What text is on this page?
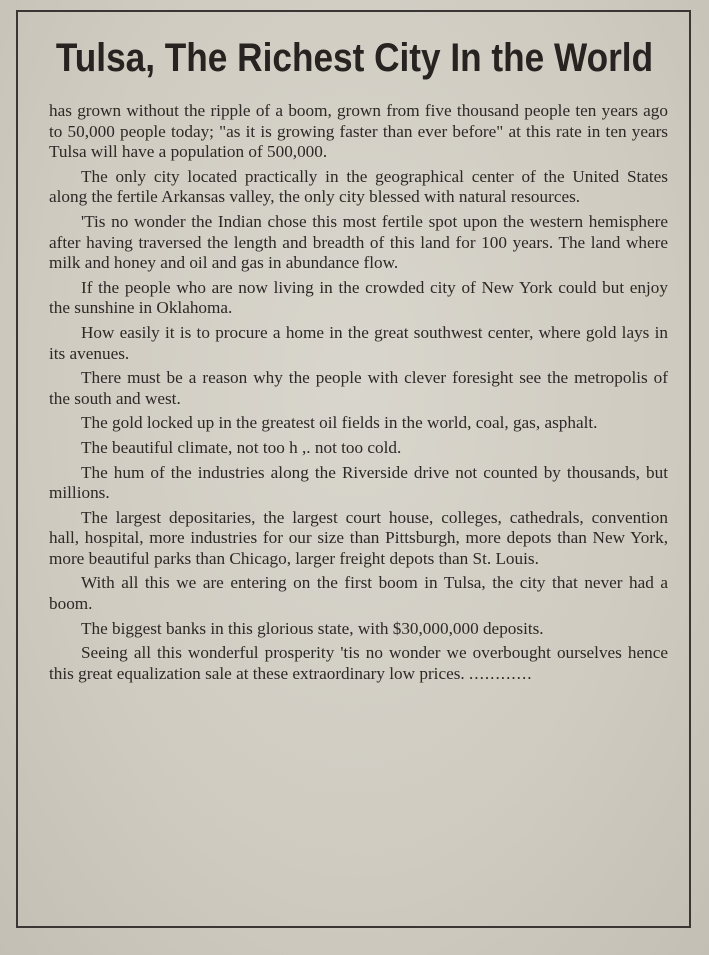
Tulsa, The Richest City In the World

has grown without the ripple of a boom, grown from five thousand people ten years ago to 50,000 people today; "as it is growing faster than ever before" at this rate in ten years Tulsa will have a population of 500,000.

The only city located practically in the geographical center of the United States along the fertile Arkansas valley, the only city blessed with natural resources.

'Tis no wonder the Indian chose this most fertile spot upon the western hemisphere after having traversed the length and breadth of this land for 100 years. The land where milk and honey and oil and gas in abundance flow.

If the people who are now living in the crowded city of New York could but enjoy the sunshine in Oklahoma.

How easily it is to procure a home in the great southwest center, where gold lays in its avenues.

There must be a reason why the people with clever foresight see the metropolis of the south and west.

The gold locked up in the greatest oil fields in the world, coal, gas, asphalt.

The beautiful climate, not too h ,. not too cold.

The hum of the industries along the Riverside drive not counted by thousands, but millions.

The largest depositaries, the largest court house, colleges, cathedrals, convention hall, hospital, more industries for our size than Pittsburgh, more depots than New York, more beautiful parks than Chicago, larger freight depots than St. Louis.

With all this we are entering on the first boom in Tulsa, the city that never had a boom.

The biggest banks in this glorious state, with $30,000,000 deposits.

Seeing all this wonderful prosperity 'tis no wonder we overbought ourselves hence this great equalization sale at these extraordinary low prices. ............
